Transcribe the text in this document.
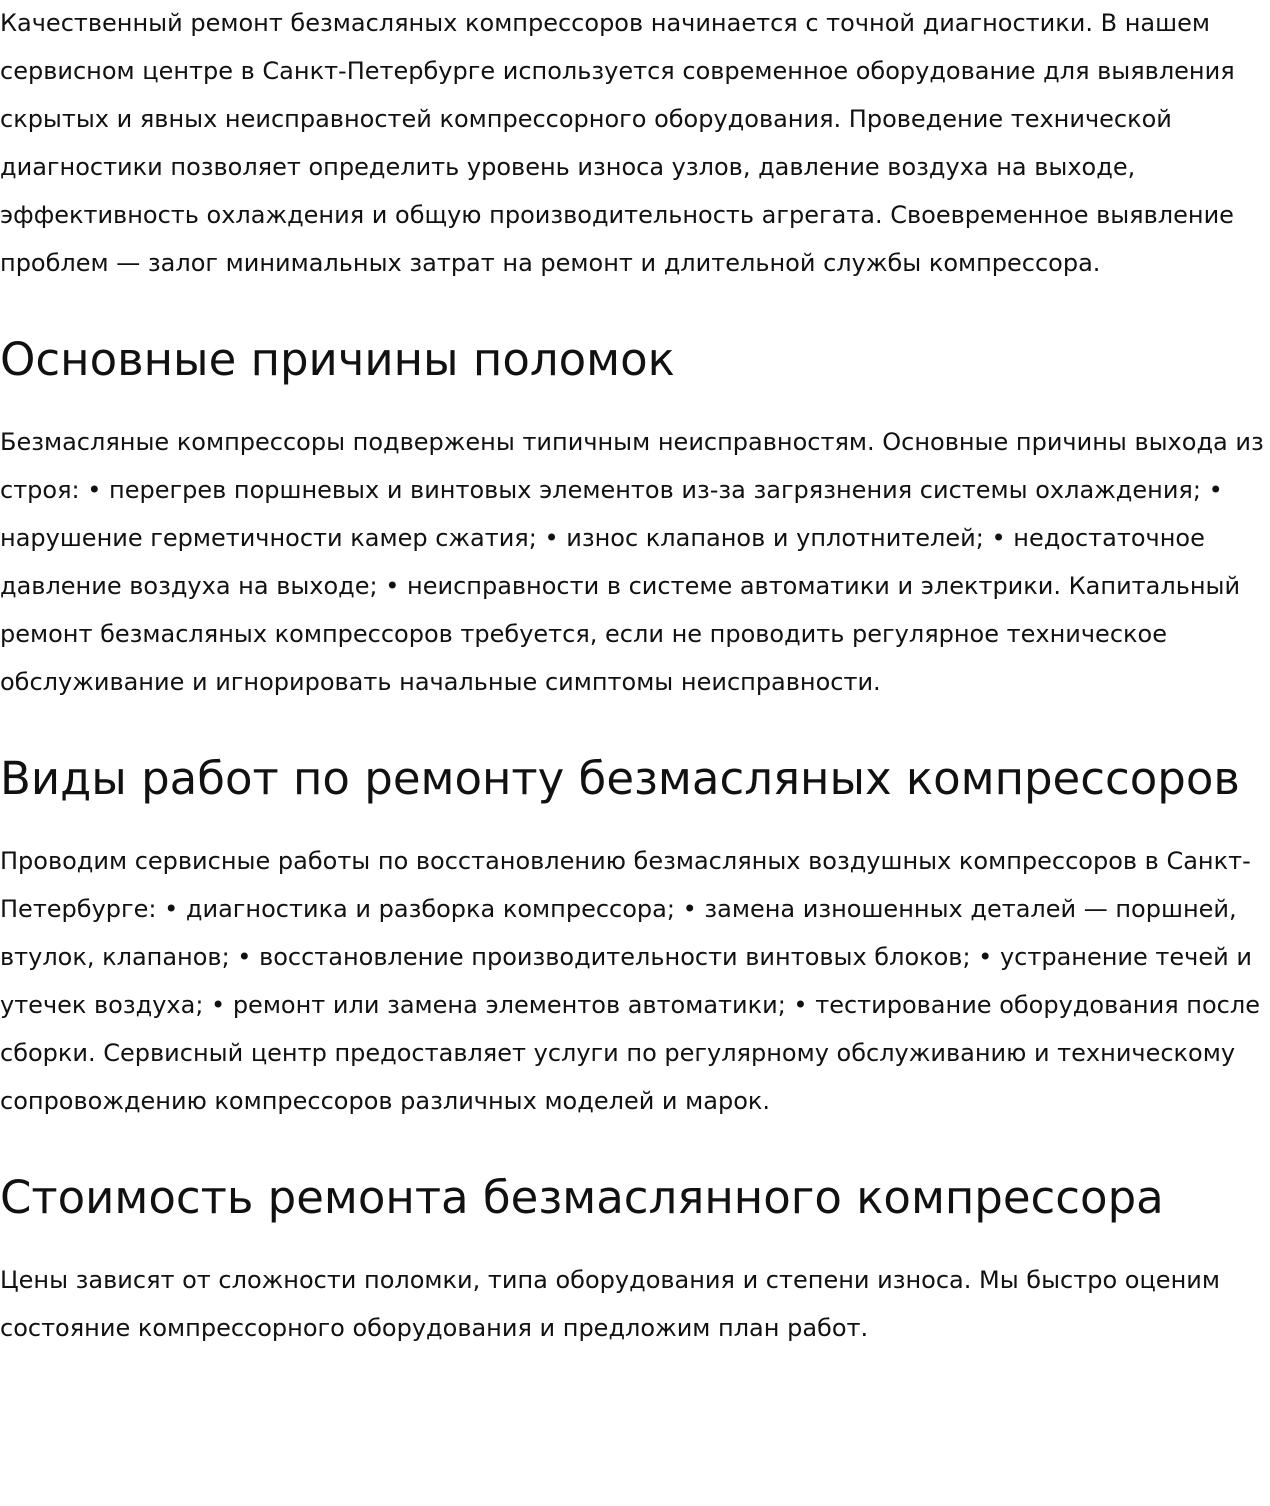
Качественный ремонт безмасляных компрессоров начинается с точной диагностики. В нашем сервисном центре в Санкт-Петербурге используется современное оборудование для выявления скрытых и явных неисправностей компрессорного оборудования. Проведение технической диагностики позволяет определить уровень износа узлов, давление воздуха на выходе, эффективность охлаждения и общую производительность агрегата. Своевременное выявление проблем — залог минимальных затрат на ремонт и длительной службы компрессора.

Основные причины поломок

Безмасляные компрессоры подвержены типичным неисправностям. Основные причины выхода из строя: • перегрев поршневых и винтовых элементов из-за загрязнения системы охлаждения; • нарушение герметичности камер сжатия; • износ клапанов и уплотнителей; • недостаточное давление воздуха на выходе; • неисправности в системе автоматики и электрики. Капитальный ремонт безмасляных компрессоров требуется, если не проводить регулярное техническое обслуживание и игнорировать начальные симптомы неисправности.

Виды работ по ремонту безмасляных компрессоров

Проводим сервисные работы по восстановлению безмасляных воздушных компрессоров в Санкт-Петербурге: • диагностика и разборка компрессора; • замена изношенных деталей — поршней, втулок, клапанов; • восстановление производительности винтовых блоков; • устранение течей и утечек воздуха; • ремонт или замена элементов автоматики; • тестирование оборудования после сборки. Сервисный центр предоставляет услуги по регулярному обслуживанию и техническому сопровождению компрессоров различных моделей и марок.

Стоимость ремонта безмаслянного компрессора

Цены зависят от сложности поломки, типа оборудования и степени износа. Мы быстро оценим состояние компрессорного оборудования и предложим план работ.
